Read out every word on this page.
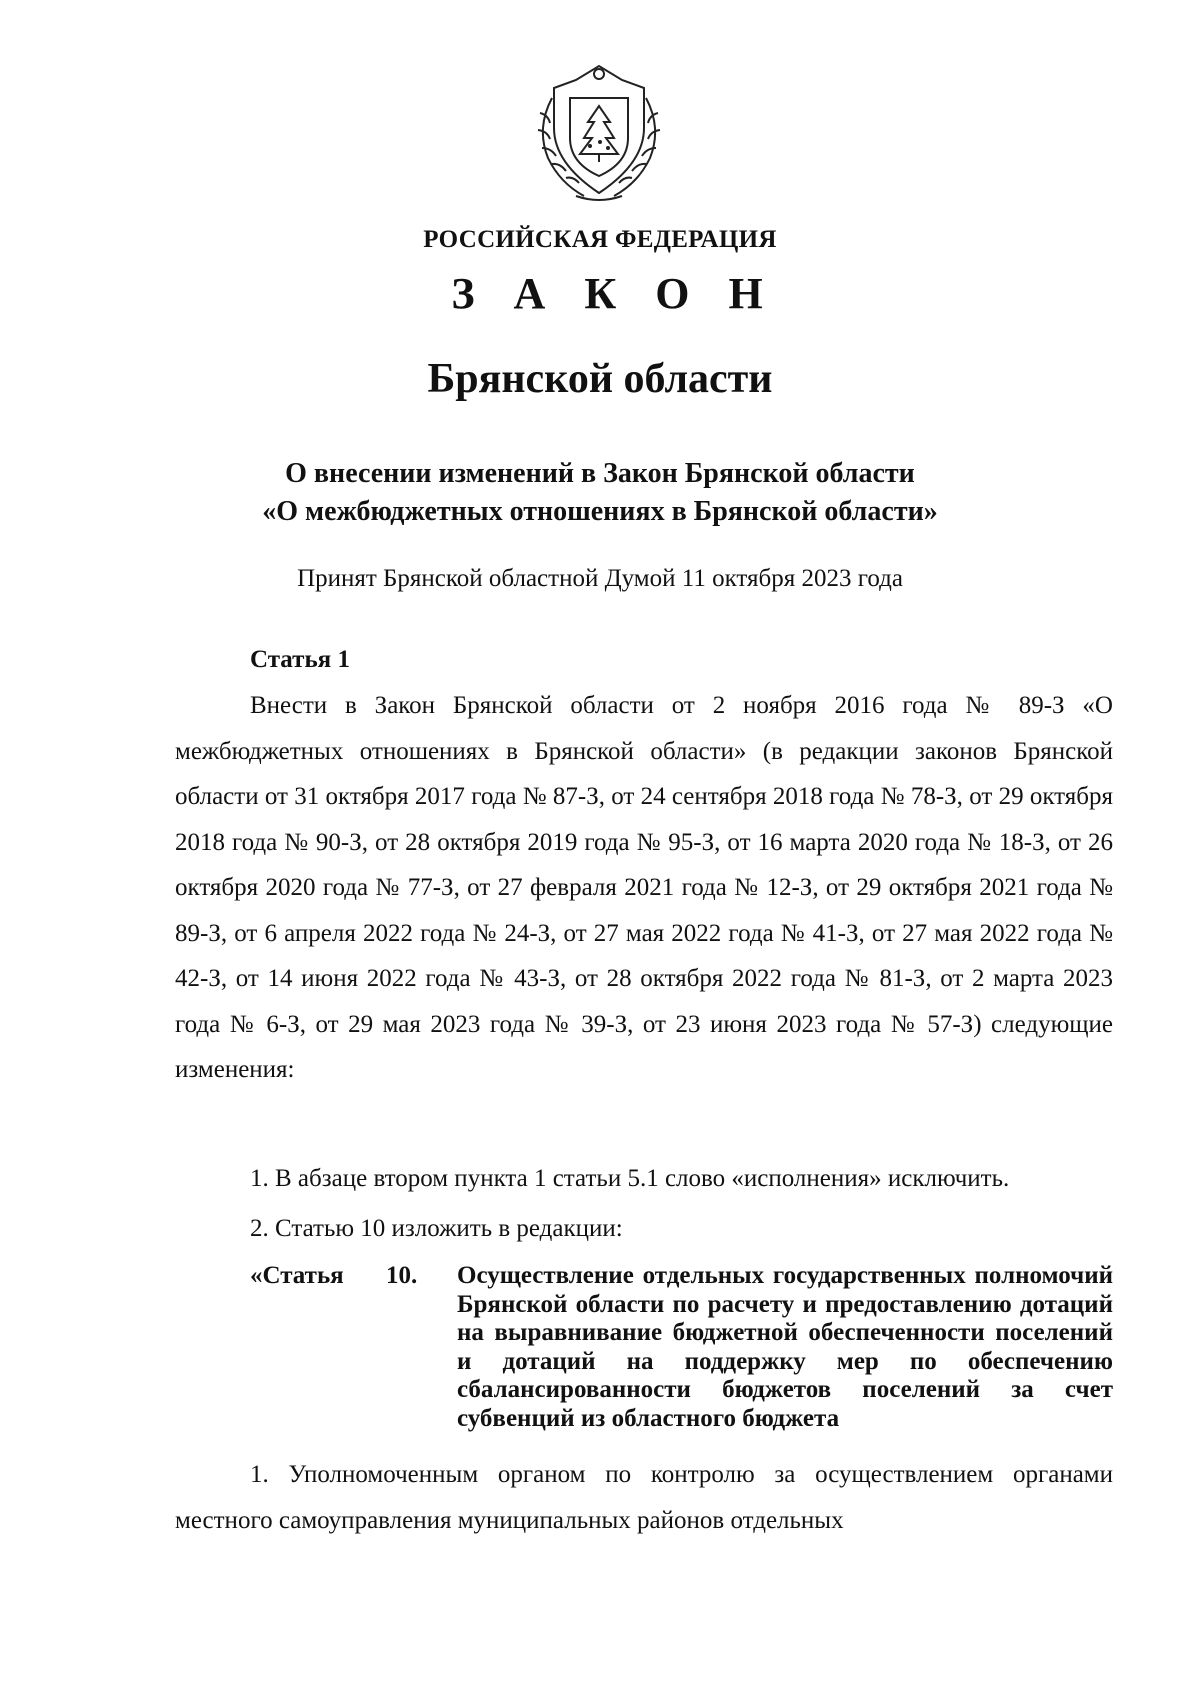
РОССИЙСКАЯ ФЕДЕРАЦИЯ
З А К О Н
Брянской области
О внесении изменений в Закон Брянской области
«О межбюджетных отношениях в Брянской области»
Принят Брянской областной Думой 11 октября 2023 года
Статья 1
Внести в Закон Брянской области от 2 ноября 2016 года № 89-З «О межбюджетных отношениях в Брянской области» (в редакции законов Брянской области от 31 октября 2017 года № 87-З, от 24 сентября 2018 года № 78-З, от 29 октября 2018 года № 90-З, от 28 октября 2019 года № 95-З, от 16 марта 2020 года № 18-З, от 26 октября 2020 года № 77-З, от 27 февраля 2021 года № 12-З, от 29 октября 2021 года № 89-З, от 6 апреля 2022 года № 24-З, от 27 мая 2022 года № 41-З, от 27 мая 2022 года № 42-З, от 14 июня 2022 года № 43-З, от 28 октября 2022 года № 81-З, от 2 марта 2023 года № 6-З, от 29 мая 2023 года № 39-З, от 23 июня 2023 года № 57-З) следующие изменения:
1. В абзаце втором пункта 1 статьи 5.1 слово «исполнения» исключить.
2. Статью 10 изложить в редакции:
«Статья 10. Осуществление отдельных государственных полномочий Брянской области по расчету и предоставлению дотаций на выравнивание бюджетной обеспеченности поселений и дотаций на поддержку мер по обеспечению сбалансированности бюджетов поселений за счет субвенций из областного бюджета
1. Уполномоченным органом по контролю за осуществлением органами местного самоуправления муниципальных районов отдельных
